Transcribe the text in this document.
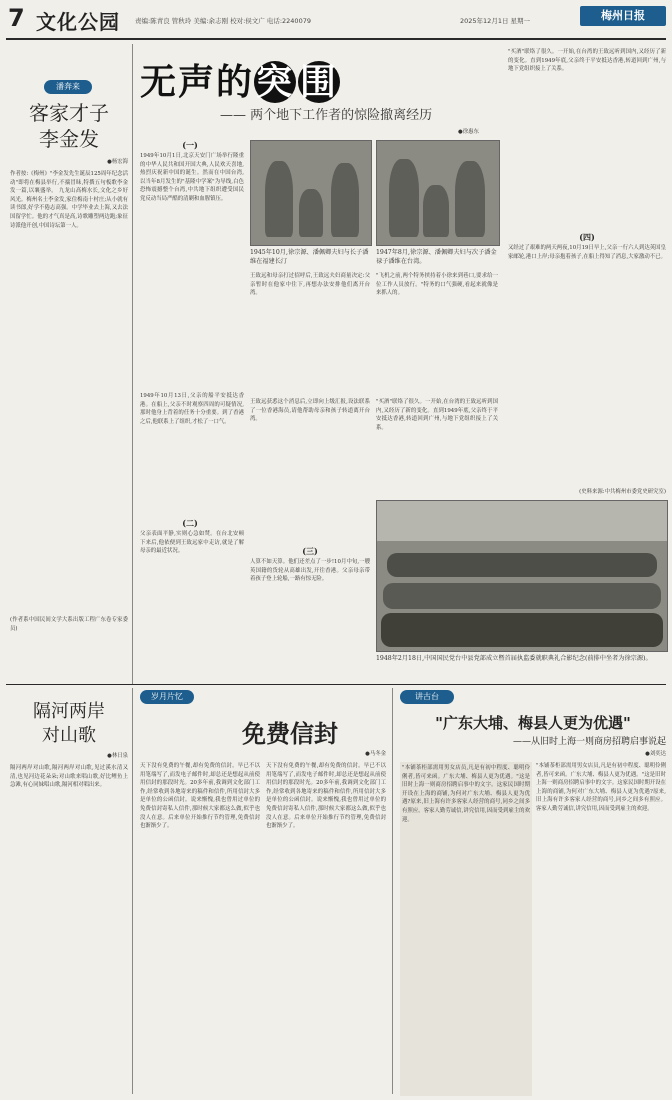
7 文化公园 责编:陈青良 管秋玲 美编:余志刚 校对:侯文广 电话:2240079	2025年12月1日 星期一	梅州日报
潘奔来
客家才子
李金发
●杨宏海
作者按:《梅州》"李金发先生诞辰125周年纪念活动"即将在梅县举行,不揣冒昧,特撰五句板歌李金发一篇,以襄盛举。 九龙山高梅水长,文化之乡好风光。梅州名士李金发,家住梅南十村庄;从小就有读书郎,好学不倦志高强。中学毕业去上海,又去法国留学忙。他的才气真是高,诗歌雕塑两边跑;象征诗派他开创,中国诗坛第一人。
(作者系中国民间文学大系出版工程广东卷专家委员)
无声的突 围
—— 两个地下工作者的惊险撤离经历
●徐惠东
(一)
1949年10月1日,北京天安门广场举行隆重的中华人民共和国开国大典,人民欢天喜地,热烈庆祝新中国的诞生。然而在中国台湾,以当年8月发生的"基隆中学案"为导线,白色恐怖震撼整个台湾,中共地下组织遭受国民党反动当局严酷的清剿和血腥镇压。
1949年10月13日,父亲的船平安抵达香港。在船上,父亲不时观察四周的可疑情况,那时他身上背着的任务十分重要。到了香港之后,他联系上了组织,才松了一口气。
(二)
父亲表面平静,实则心急如焚。在台北安顿下来后,他依便到王致远家中走访,就是了解母亲的最近状况。
1945年10月,徐宗源、潘佩卿夫妇与长子潘维在福建长汀
1947年8月,徐宗源、潘佩卿夫妇与次子潘金禄子潘维在台湾。
王致远和母亲打过招呼后,王致远夫妇商量决定:父亲暂时在他家中住下,再想办法安排他们离开台湾。
"飞机之前,两个特务挟持着小徐来到巷口,要求给一位工作人员放行。"特务的口气强硬,看起来就像是来抓人的。
王致远获悉这个消息后,立即向上级汇报,设法联系了一位香港海员,请他帮助母亲和孩子转道离开台湾。
(三)
人算不如天算。他们还差点了一步!10月中旬,一艘英国籍的货轮从高雄出发,开往香港。父亲母亲带着孩子登上轮船,一路有惊无险。
"买酒"联络了很久。一开始,在台湾的王致远听到国内,又经历了新的变化。直到1949年底,父亲终于平安抵达香港,转道回到广州,与地下党组织接上了关系。
"买酒"联络了很久。一开始,在台湾的王致远听到国内,又经历了新的变化。直到1949年底,父亲终于平安抵达香港,转道回到广州,与地下党组织接上了关系。
(四)
又经过了艰难的两天两夜,10月19日早上,父亲一行六人到达英国皇家邮轮,港口上岸;母亲抱着孩子,在船上得知了消息,大家激动不已。
(史料来源:中共梅州市委党史研究室)
1948年2月18日,中国国民党台中县党部成立暨首届执监委就职典礼合影纪念(前排中坐者为徐宗源)。
隔河两岸
对山歌
●林日泉
隔河两岸对山歌,隔河两岸对山歌,见过溪水清又清,也见河边花朵朵;对山歌来唱山歌,好比鲤鱼上急滩,有心同妹唱山歌,隔河相对唱出来。
岁月片忆
免费信封
●马冬金
天下没有免费的午餐,却有免费的信封。早已不以用笔端写了,而发电子邮件时,却总还是想起从前使用信封的那段时光。20多年前,我调到文化部门工作,经常收到各地寄来的稿件和信件,所用信封大多是单位的公函信封。说来惭愧,我也曾用过单位的免费信封寄私人信件,那时候大家都这么做,似乎也没人在意。后来单位开始推行节约管理,免费信封也渐渐少了。
天下没有免费的午餐,却有免费的信封。早已不以用笔端写了,而发电子邮件时,却总还是想起从前使用信封的那段时光。20多年前,我调到文化部门工作,经常收到各地寄来的稿件和信件,所用信封大多是单位的公函信封。说来惭愧,我也曾用过单位的免费信封寄私人信件,那时候大家都这么做,似乎也没人在意。后来单位开始推行节约管理,免费信封也渐渐少了。
讲古台
"广东大埔、梅县人更为优遇"
——从旧时上海一则商房招聘启事说起
●刘奕达
"本铺茶柜部需用男女店员,凡是有初中程度、聪明伶俐者,皆可来函。广东大埔、梅县人更为优遇。"这是旧时上海一则商房招聘启事中的文字。这家民国时期开设在上海的商铺,为何对广东大埔、梅县人更为优遇?原来,旧上海有许多客家人经营的商号,同乡之间多有照应。客家人勤劳诚信,讲究信用,因而受到雇主的欢迎。
"本铺茶柜部需用男女店员,凡是有初中程度、聪明伶俐者,皆可来函。广东大埔、梅县人更为优遇。"这是旧时上海一则商房招聘启事中的文字。这家民国时期开设在上海的商铺,为何对广东大埔、梅县人更为优遇?原来,旧上海有许多客家人经营的商号,同乡之间多有照应。客家人勤劳诚信,讲究信用,因而受到雇主的欢迎。
